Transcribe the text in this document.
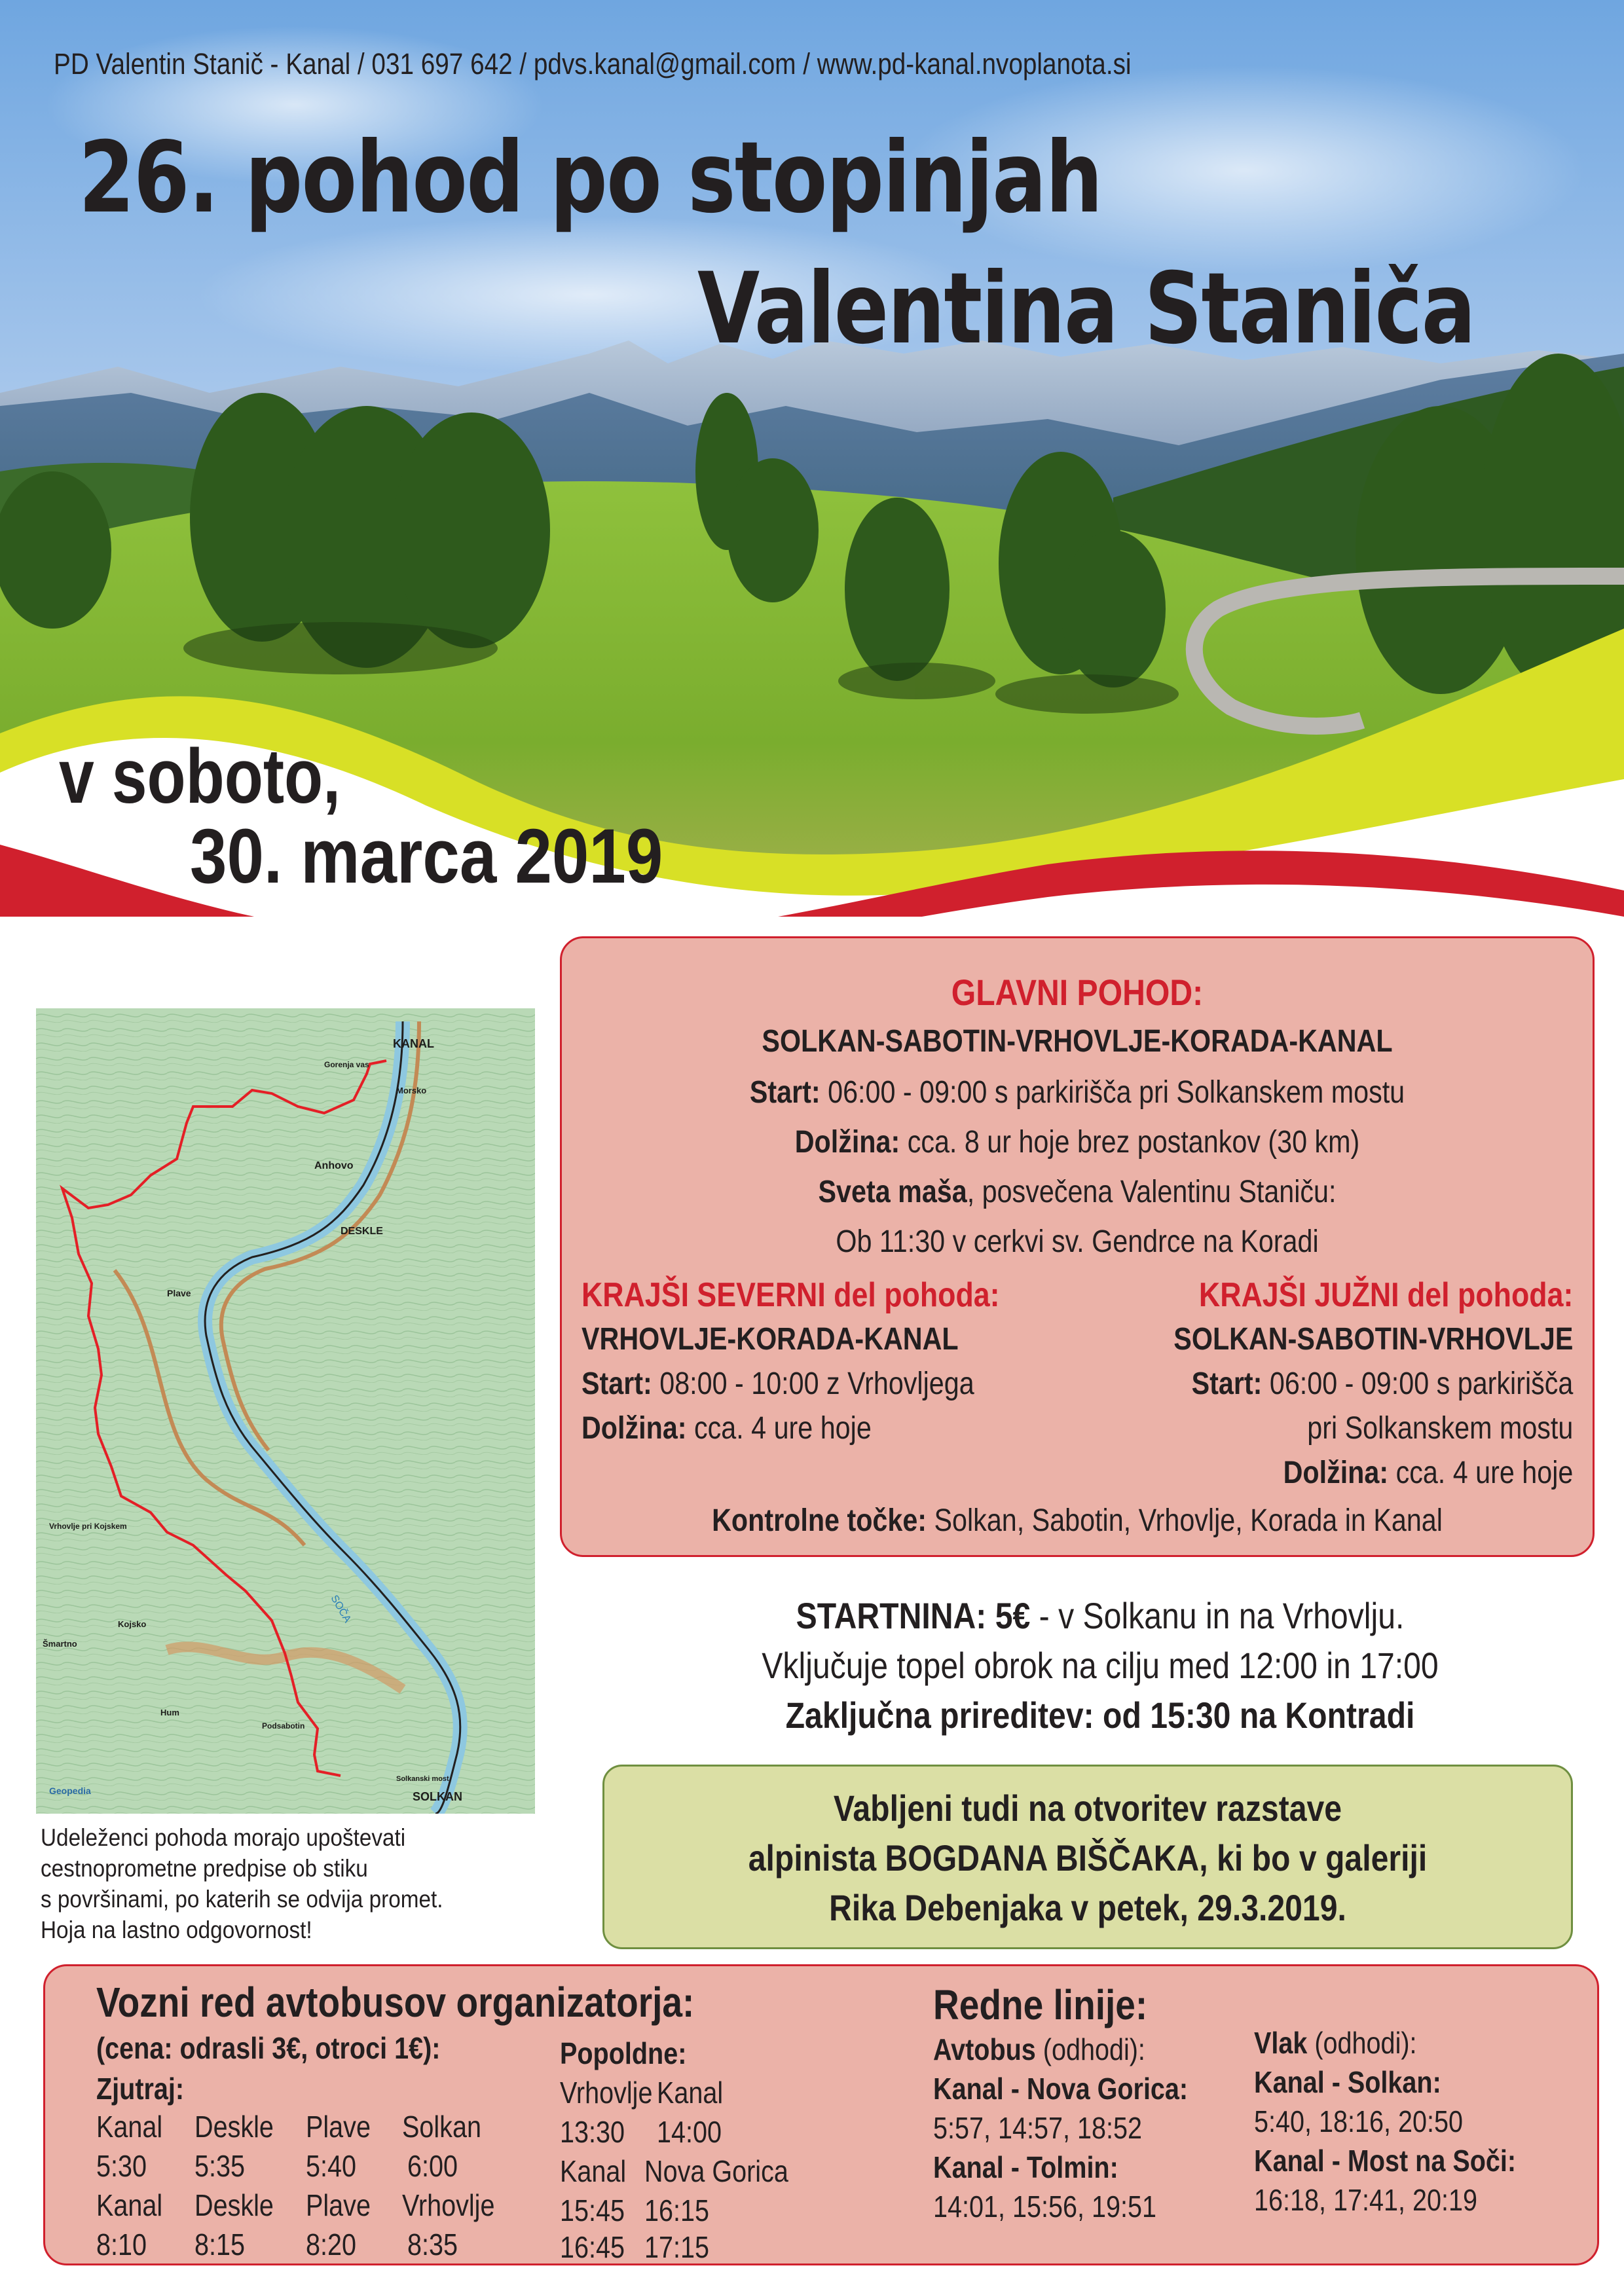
PD Valentin Stanič - Kanal / 031 697 642 / pdvs.kanal@gmail.com / www.pd-kanal.nvoplanota.si
26. pohod po stopinjah
Valentina Staniča
v soboto,
30. marca 2019
GLAVNI POHOD:
SOLKAN-SABOTIN-VRHOVLJE-KORADA-KANAL
Start: 06:00 - 09:00 s parkirišča pri Solkanskem mostu
Dolžina: cca. 8 ur hoje brez postankov (30 km)
Sveta maša, posvečena Valentinu Staniču:
Ob 11:30 v cerkvi sv. Gendrce na Koradi
KRAJŠI SEVERNI del pohoda:
VRHOVLJE-KORADA-KANAL
Start: 08:00 - 10:00 z Vrhovljega
Dolžina: cca. 4 ure hoje
KRAJŠI JUŽNI del pohoda:
SOLKAN-SABOTIN-VRHOVLJE
Start: 06:00 - 09:00 s parkirišča
pri Solkanskem mostu
Dolžina: cca. 4 ure hoje
Kontrolne točke: Solkan, Sabotin, Vrhovlje, Korada in Kanal
KANAL
DESKLE
Anhovo
Plave
Morsko
Gorenja vas
Vrhovlje pri Kojskem
Kojsko
Šmartno
Hum
Podsabotin
SOLKAN
Solkanski most
Geopedia
SOČA
Udeleženci pohoda morajo upoštevati
cestnoprometne predpise ob stiku
s površinami, po katerih se odvija promet.
Hoja na lastno odgovornost!
STARTNINA: 5€ - v Solkanu in na Vrhovlju.
Vključuje topel obrok na cilju med 12:00 in 17:00
Zaključna prireditev: od 15:30 na Kontradi
Vabljeni tudi na otvoritev razstave
alpinista BOGDANA BIŠČAKA, ki bo v galeriji
Rika Debenjaka v petek, 29.3.2019.
Vozni red avtobusov organizatorja:
(cena: odrasli 3€, otroci 1€):
Zjutraj:
Kanal Deskle Plave Solkan
5:30 5:35 5:40 6:00
Kanal Deskle Plave Vrhovlje
8:10 8:15 8:20 8:35
Popoldne:
Vrhovlje Kanal
13:30 14:00
Kanal Nova Gorica
15:45 16:15
16:45 17:15
Redne linije:
Avtobus (odhodi):
Kanal - Nova Gorica:
5:57, 14:57, 18:52
Kanal - Tolmin:
14:01, 15:56, 19:51
Vlak (odhodi):
Kanal - Solkan:
5:40, 18:16, 20:50
Kanal - Most na Soči:
16:18, 17:41, 20:19
